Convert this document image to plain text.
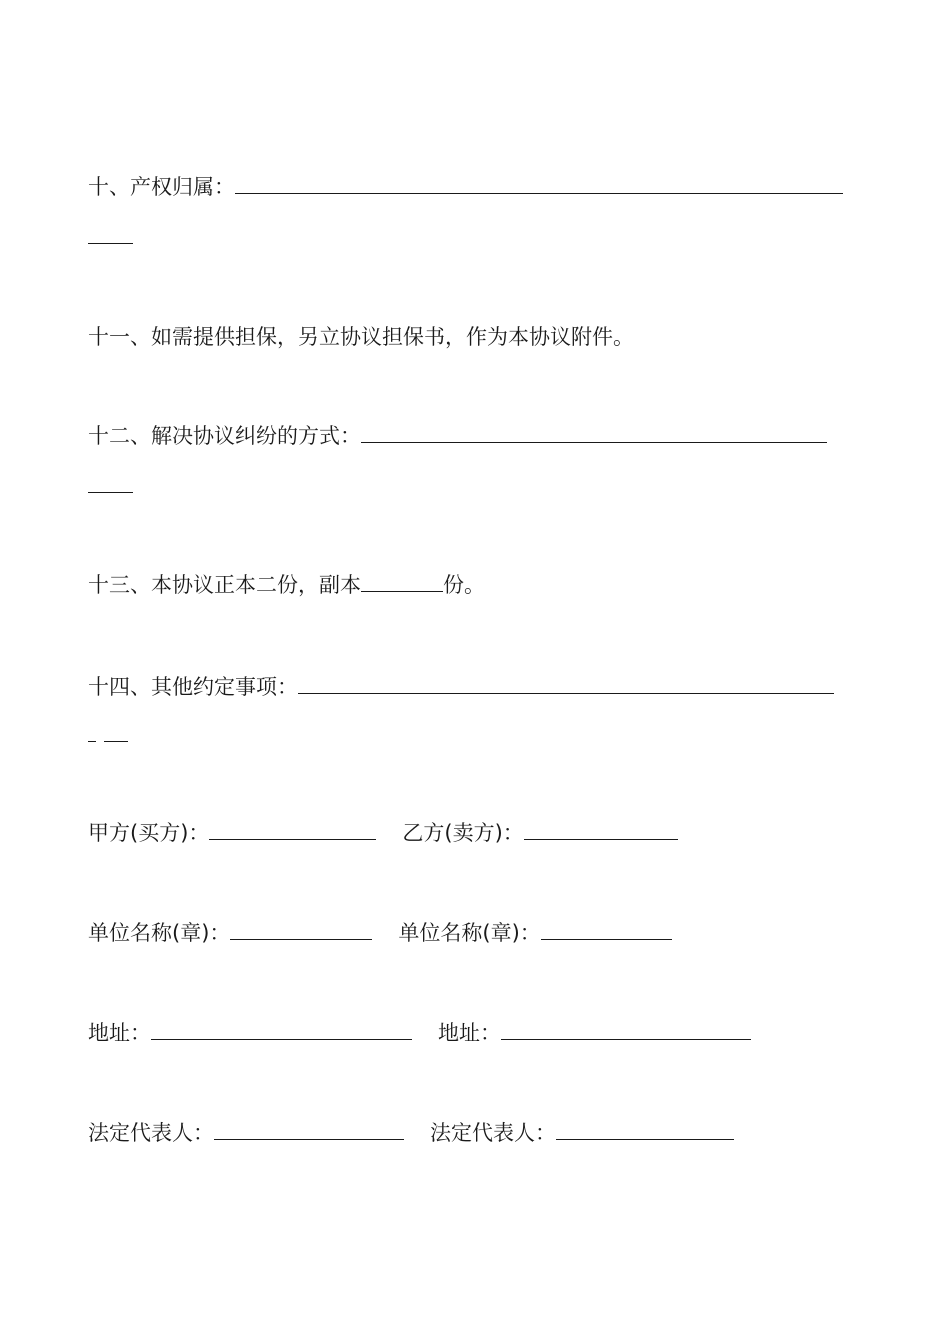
十、产权归属：
十一、如需提供担保，另立协议担保书，作为本协议附件。
十二、解决协议纠纷的方式：
十三、本协议正本二份，副本	份。
十四、其他约定事项：
甲方(买方)：	乙方(卖方)：
单位名称(章)：	单位名称(章)：
地址：	地址：
法定代表人：	法定代表人：
